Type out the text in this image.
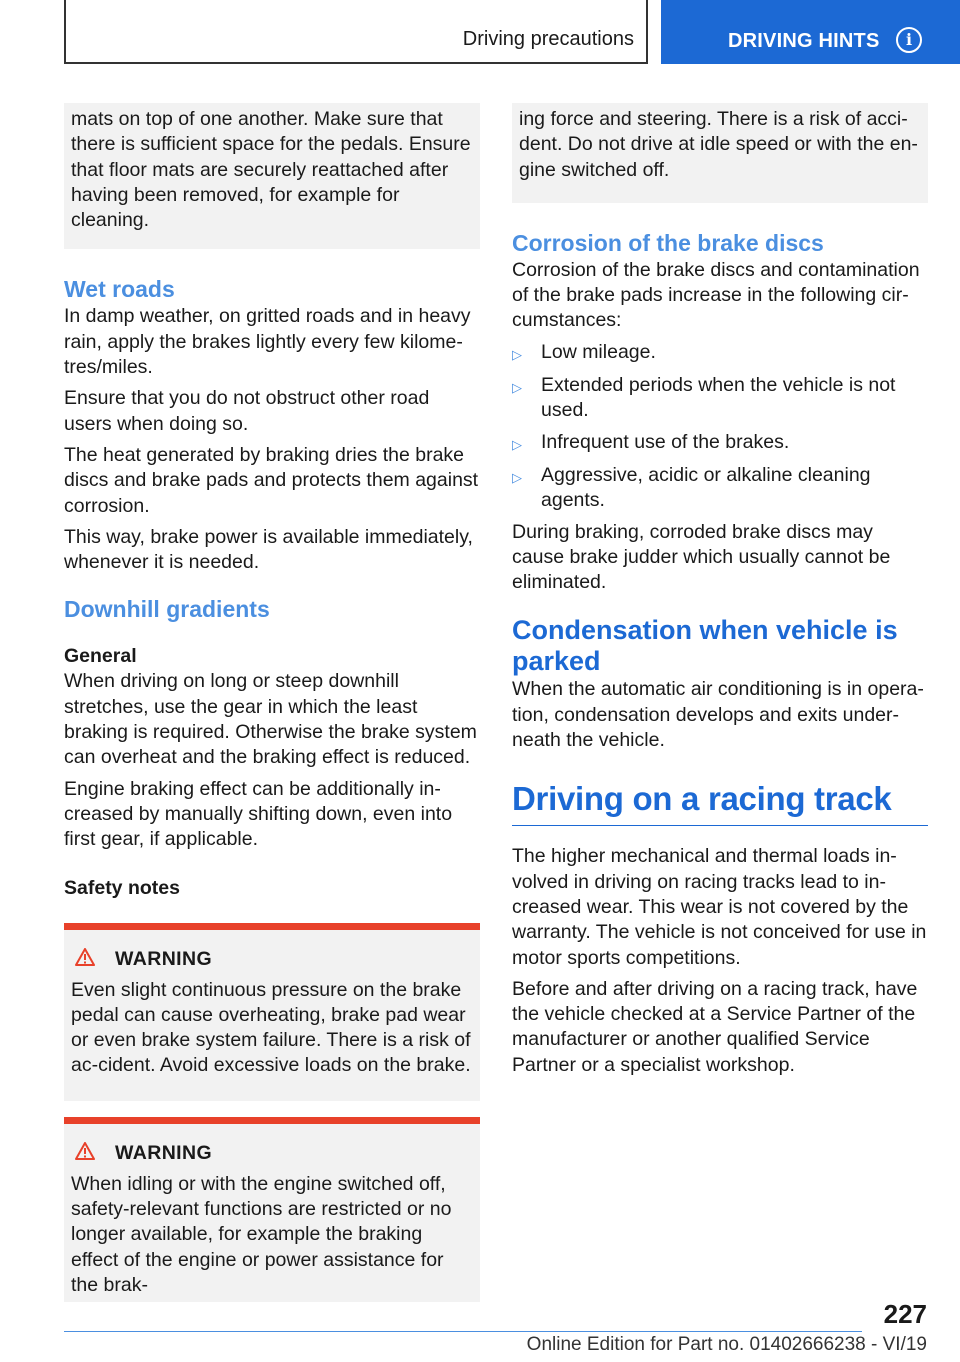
Driving precautions	DRIVING HINTS	i

mats on top of one another. Make sure that there is sufficient space for the pedals. Ensure that floor mats are securely reattached after having been removed, for example for cleaning.

Wet roads

In damp weather, on gritted roads and in heavy rain, apply the brakes lightly every few kilome‐tres/miles.

Ensure that you do not obstruct other road users when doing so.

The heat generated by braking dries the brake discs and brake pads and protects them against corrosion.

This way, brake power is available immediately, whenever it is needed.

Downhill gradients

General

When driving on long or steep downhill stretches, use the gear in which the least braking is required. Otherwise the brake system can overheat and the braking effect is reduced.

Engine braking effect can be additionally in‐creased by manually shifting down, even into first gear, if applicable.

Safety notes

WARNING

Even slight continuous pressure on the brake pedal can cause overheating, brake pad wear or even brake system failure. There is a risk of ac‐cident. Avoid excessive loads on the brake.

WARNING

When idling or with the engine switched off, safety-relevant functions are restricted or no longer available, for example the braking effect of the engine or power assistance for the brak‐

ing force and steering. There is a risk of acci‐dent. Do not drive at idle speed or with the en‐gine switched off.

Corrosion of the brake discs

Corrosion of the brake discs and contamination of the brake pads increase in the following cir‐cumstances:

▷ Low mileage.
▷ Extended periods when the vehicle is not used.
▷ Infrequent use of the brakes.
▷ Aggressive, acidic or alkaline cleaning agents.

During braking, corroded brake discs may cause brake judder which usually cannot be eliminated.

Condensation when vehicle is parked

When the automatic air conditioning is in opera‐tion, condensation develops and exits under‐neath the vehicle.

Driving on a racing track

The higher mechanical and thermal loads in‐volved in driving on racing tracks lead to in‐creased wear. This wear is not covered by the warranty. The vehicle is not conceived for use in motor sports competitions.

Before and after driving on a racing track, have the vehicle checked at a Service Partner of the manufacturer or another qualified Service Partner or a specialist workshop.

227
Online Edition for Part no. 01402666238 - VI/19
